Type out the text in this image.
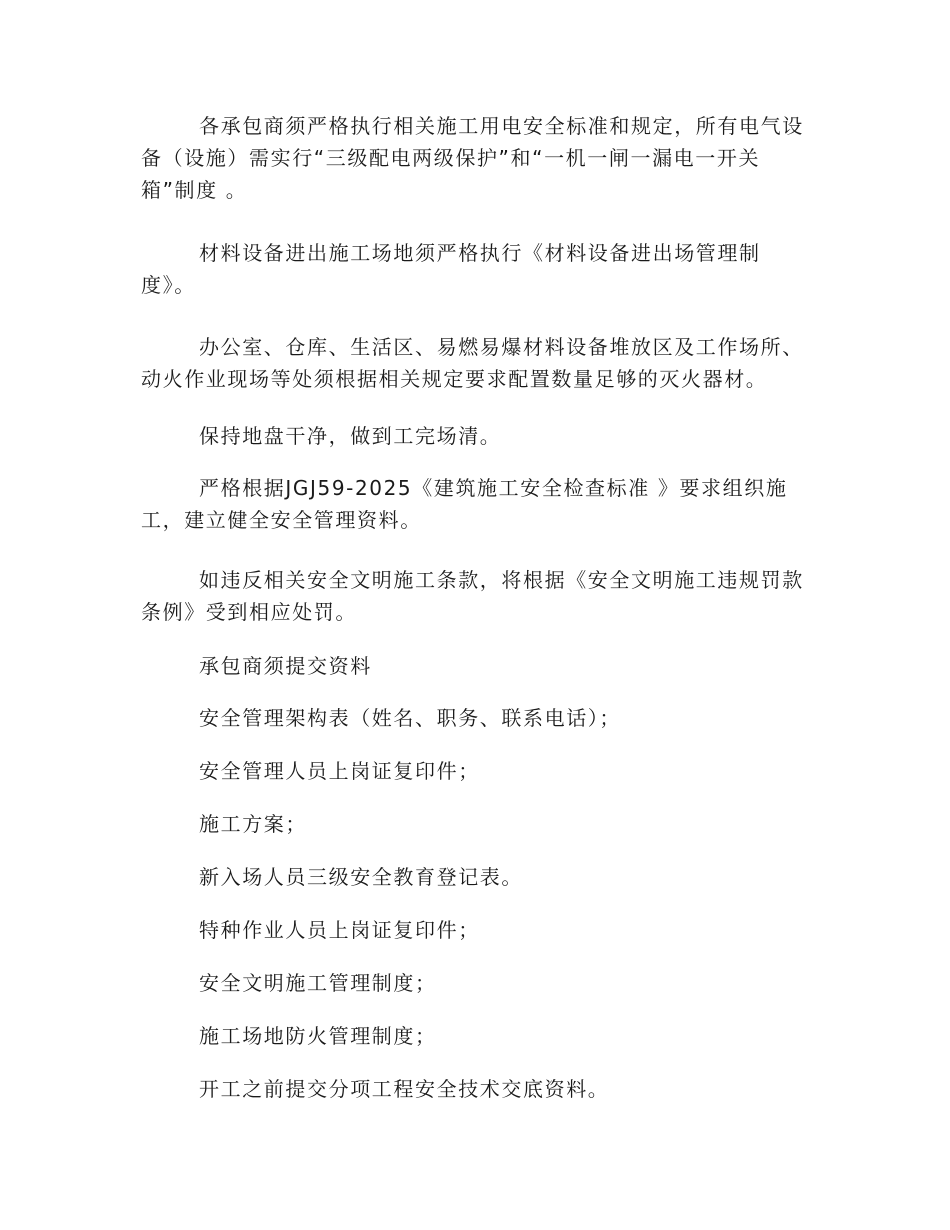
各承包商须严格执行相关施工用电安全标准和规定，所有电气设备（设施）需实行“三级配电两级保护”和“一机一闸一漏电一开关箱”制度 。

材料设备进出施工场地须严格执行《材料设备进出场管理制度》。

办公室、仓库、生活区、易燃易爆材料设备堆放区及工作场所、动火作业现场等处须根据相关规定要求配置数量足够的灭火器材。

保持地盘干净，做到工完场清。

严格根据JGJ59-2025《建筑施工安全检查标准 》要求组织施工，建立健全安全管理资料。

如违反相关安全文明施工条款，将根据《安全文明施工违规罚款条例》受到相应处罚。

承包商须提交资料

安全管理架构表（姓名、职务、联系电话）；

安全管理人员上岗证复印件；

施工方案；

新入场人员三级安全教育登记表。

特种作业人员上岗证复印件；

安全文明施工管理制度；

施工场地防火管理制度；

开工之前提交分项工程安全技术交底资料。
